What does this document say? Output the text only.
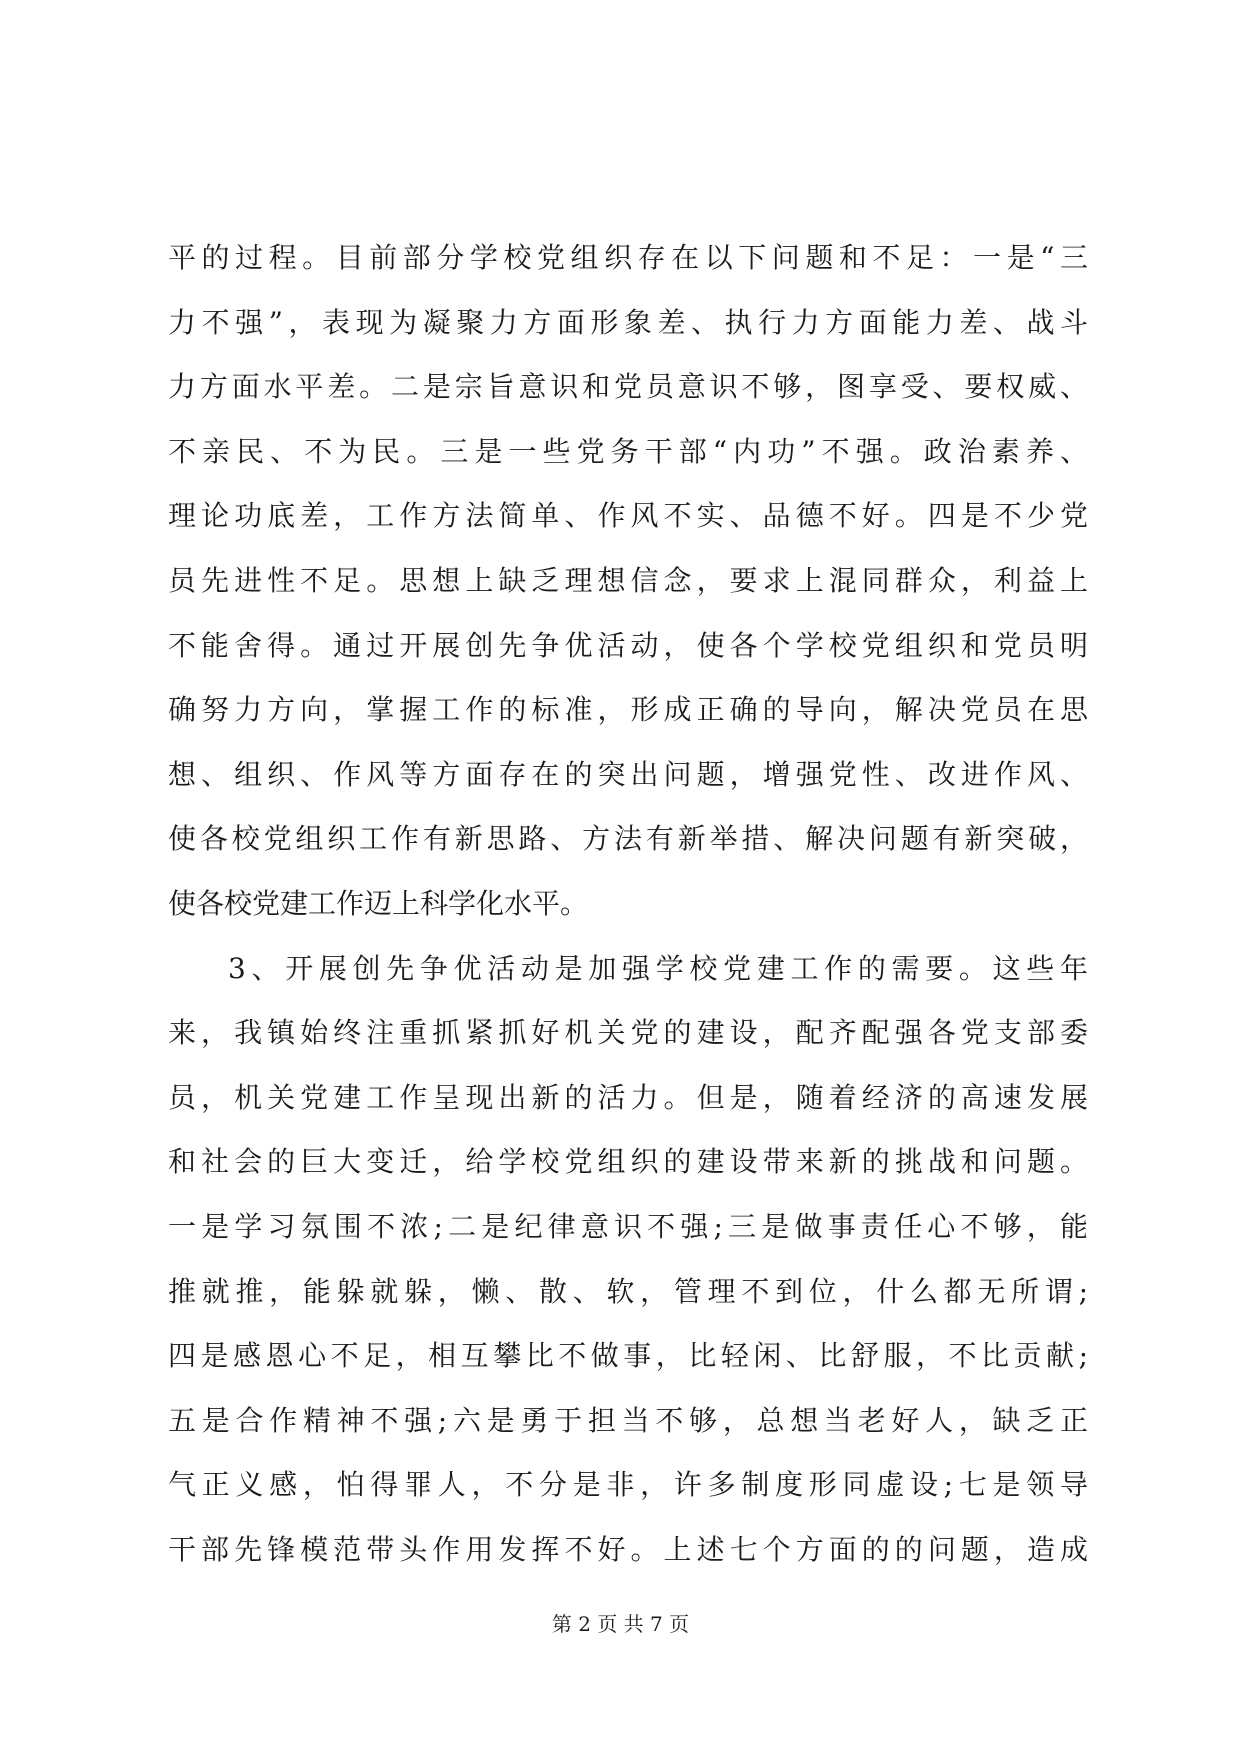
平的过程。目前部分学校党组织存在以下问题和不足：一是“三
力不强”，表现为凝聚力方面形象差、执行力方面能力差、战斗
力方面水平差。二是宗旨意识和党员意识不够，图享受、要权威、
不亲民、不为民。三是一些党务干部“内功”不强。政治素养、
理论功底差，工作方法简单、作风不实、品德不好。四是不少党
员先进性不足。思想上缺乏理想信念，要求上混同群众，利益上
不能舍得。通过开展创先争优活动，使各个学校党组织和党员明
确努力方向，掌握工作的标准，形成正确的导向，解决党员在思
想、组织、作风等方面存在的突出问题，增强党性、改进作风、
使各校党组织工作有新思路、方法有新举措、解决问题有新突破，
使各校党建工作迈上科学化水平。
3、开展创先争优活动是加强学校党建工作的需要。这些年
来，我镇始终注重抓紧抓好机关党的建设，配齐配强各党支部委
员，机关党建工作呈现出新的活力。但是，随着经济的高速发展
和社会的巨大变迁，给学校党组织的建设带来新的挑战和问题。
一是学习氛围不浓;二是纪律意识不强;三是做事责任心不够，能
推就推，能躲就躲，懒、散、软，管理不到位，什么都无所谓;
四是感恩心不足，相互攀比不做事，比轻闲、比舒服，不比贡献;
五是合作精神不强;六是勇于担当不够，总想当老好人，缺乏正
气正义感，怕得罪人，不分是非，许多制度形同虚设;七是领导
干部先锋模范带头作用发挥不好。上述七个方面的的问题，造成
第 2 页 共 7 页
